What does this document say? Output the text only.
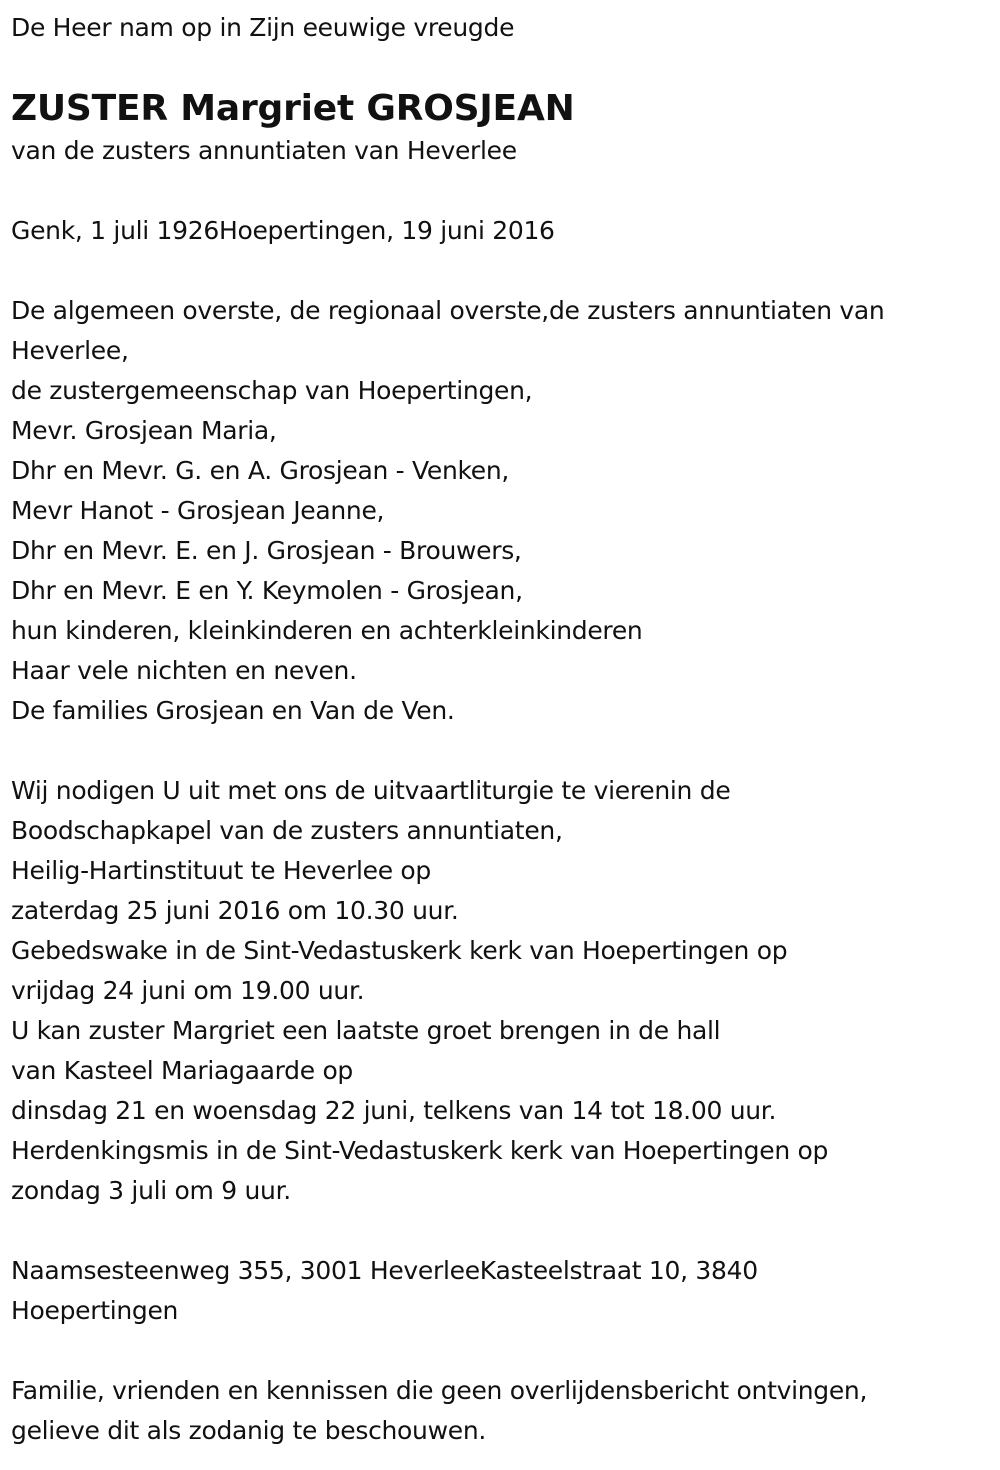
De Heer nam op in Zijn eeuwige vreugde
ZUSTER Margriet GROSJEAN
van de zusters annuntiaten van Heverlee
Genk, 1 juli 1926Hoepertingen, 19 juni 2016
De algemeen overste, de regionaal overste,de zusters annuntiaten van
Heverlee,
de zustergemeenschap van Hoepertingen,
Mevr. Grosjean Maria,
Dhr en Mevr. G. en A. Grosjean - Venken,
Mevr Hanot - Grosjean Jeanne,
Dhr en Mevr. E. en J. Grosjean - Brouwers,
Dhr en Mevr. E en Y. Keymolen - Grosjean,
hun kinderen, kleinkinderen en achterkleinkinderen
Haar vele nichten en neven.
De families Grosjean en Van de Ven.
Wij nodigen U uit met ons de uitvaartliturgie te vierenin de
Boodschapkapel van de zusters annuntiaten,
Heilig-Hartinstituut te Heverlee op
zaterdag 25 juni 2016 om 10.30 uur.
Gebedswake in de Sint-Vedastuskerk kerk van Hoepertingen op
vrijdag 24 juni om 19.00 uur.
U kan zuster Margriet een laatste groet brengen in de hall
van Kasteel Mariagaarde op
dinsdag 21 en woensdag 22 juni, telkens van 14 tot 18.00 uur.
Herdenkingsmis in de Sint-Vedastuskerk kerk van Hoepertingen op
zondag 3 juli om 9 uur.
Naamsesteenweg 355, 3001 HeverleeKasteelstraat 10, 3840
Hoepertingen
Familie, vrienden en kennissen die geen overlijdensbericht ontvingen,
gelieve dit als zodanig te beschouwen.
